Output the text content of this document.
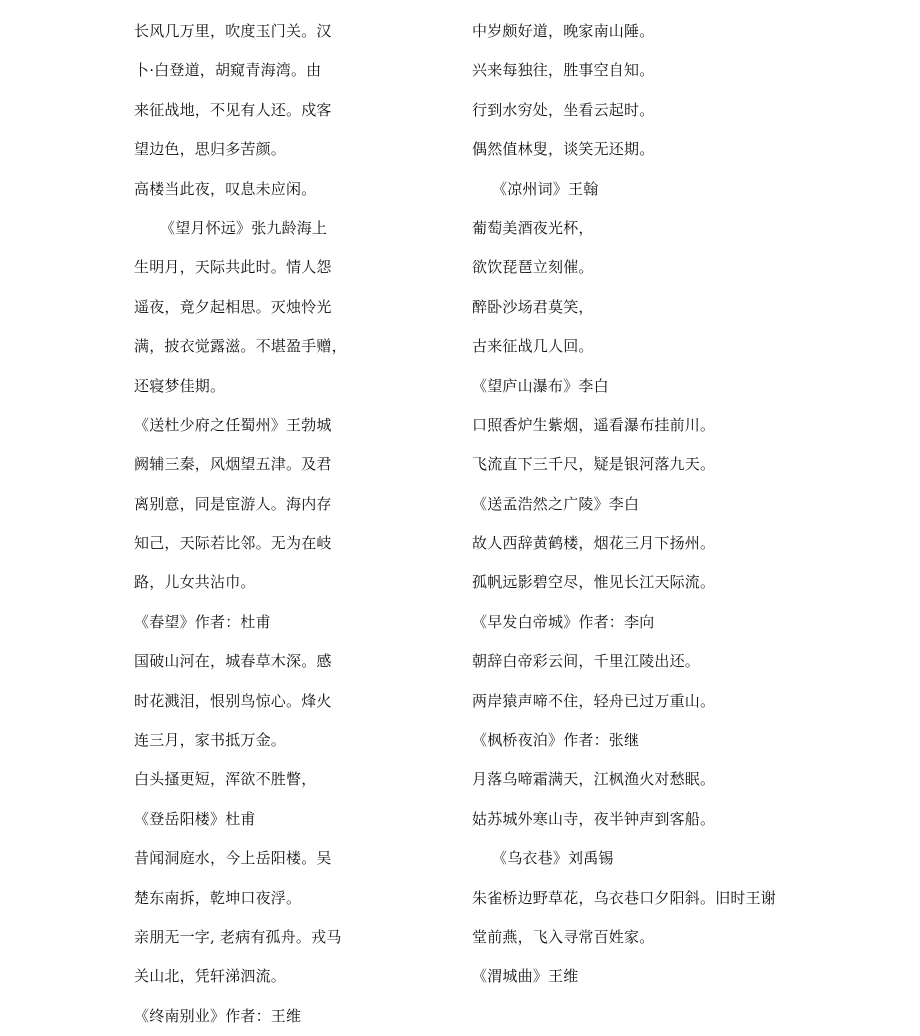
长风几万里，吹度玉门关。汉
卜·白登道，胡窥青海湾。由
来征战地，不见有人还。戍客
望边色，思归多苦颜。
高楼当此夜，叹息未应闲。
《望月怀远》张九龄海上
生明月，天际共此时。情人怨
遥夜，竟夕起相思。灭烛怜光
满，披衣觉露滋。不堪盈手赠，
还寝梦佳期。
《送杜少府之任蜀州》王勃城
阙辅三秦，风烟望五津。及君
离别意，同是宦游人。海内存
知己，天际若比邻。无为在岐
路，儿女共沾巾。
《春望》作者：杜甫
国破山河在，城春草木深。感
时花溅泪，恨别鸟惊心。烽火
连三月，家书抵万金。
白头搔更短，浑欲不胜瞥，
《登岳阳楼》杜甫
昔闻洞庭水，今上岳阳楼。吴
楚东南拆，乾坤口夜浮。
亲朋无一字, 老病有孤舟。戎马
关山北，凭轩涕泗流。
《终南别业》作者：王维
中岁颇好道，晚家南山陲。
兴来每独往，胜事空自知。
行到水穷处，坐看云起时。
偶然值林叟，谈笑无还期。
《凉州词》王翰
葡萄美酒夜光杯，
欲饮琵琶立刻催。
醉卧沙场君莫笑，
古来征战几人回。
《望庐山瀑布》李白
口照香炉生紫烟，遥看瀑布挂前川。
飞流直下三千尺，疑是银河落九天。
《送孟浩然之广陵》李白
故人西辞黄鹤楼，烟花三月下扬州。
孤帆远影碧空尽，惟见长江天际流。
《早发白帝城》作者：李向
朝辞白帝彩云间，千里江陵出还。
两岸猿声啼不住，轻舟已过万重山。
《枫桥夜泊》作者：张继
月落乌啼霜满天，江枫渔火对愁眠。
姑苏城外寒山寺，夜半钟声到客船。
《乌衣巷》刘禹锡
朱雀桥边野草花，乌衣巷口夕阳斜。旧时王谢
堂前燕，飞入寻常百姓家。
《渭城曲》王维
